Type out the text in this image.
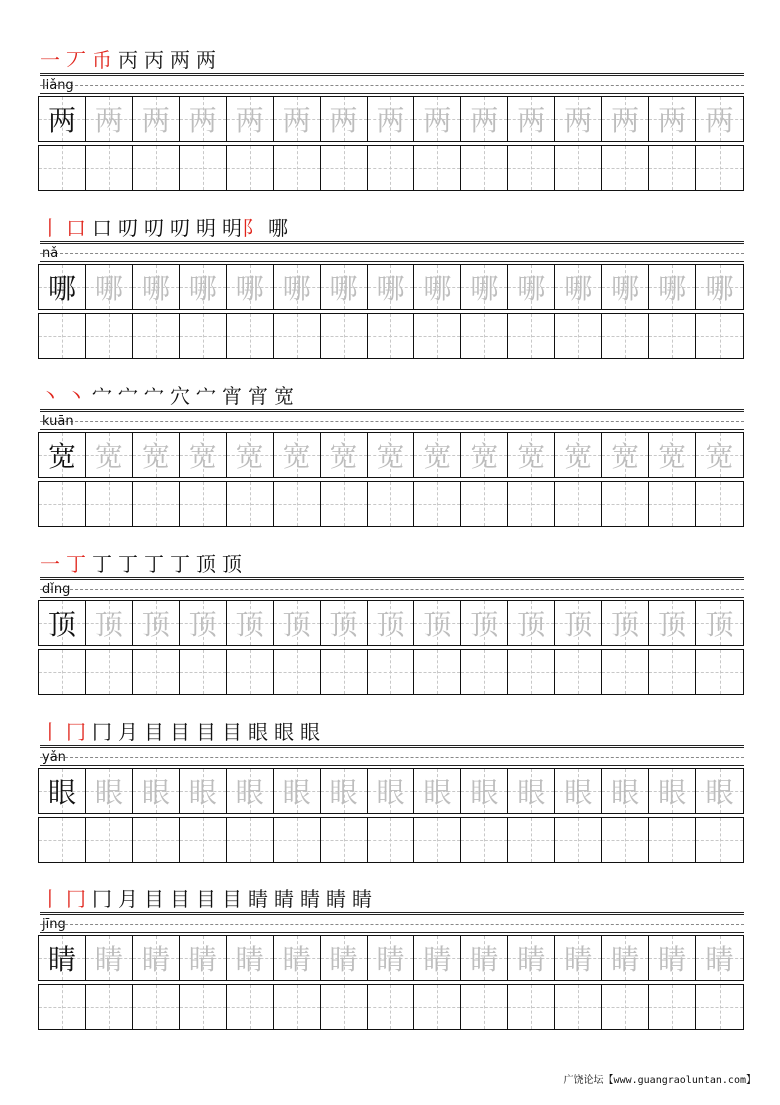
一 丆 币 丙 丙 两 两
liǎng
两 两 两 两 两 两 两 两 两 两 两 两 两 两 两
丨 口 口 叨 叨 叨 明 明阝 哪
nǎ
哪 哪 哪 哪 哪 哪 哪 哪 哪 哪 哪 哪 哪 哪 哪
丶 丶 宀 宀 宀 穴 宀 宵 宵 宽
kuān
宽 宽 宽 宽 宽 宽 宽 宽 宽 宽 宽 宽 宽 宽 宽
一 丁 丁 丁 丁 丁 顶 顶
dǐng
顶 顶 顶 顶 顶 顶 顶 顶 顶 顶 顶 顶 顶 顶 顶
丨 冂 冂 月 目 目 目 目 眼 眼 眼
yǎn
眼 眼 眼 眼 眼 眼 眼 眼 眼 眼 眼 眼 眼 眼 眼
丨 冂 冂 月 目 目 目 目 睛 睛 睛 睛 睛
jīng
睛 睛 睛 睛 睛 睛 睛 睛 睛 睛 睛 睛 睛 睛 睛
广饶论坛【www.guangraoluntan.com】
